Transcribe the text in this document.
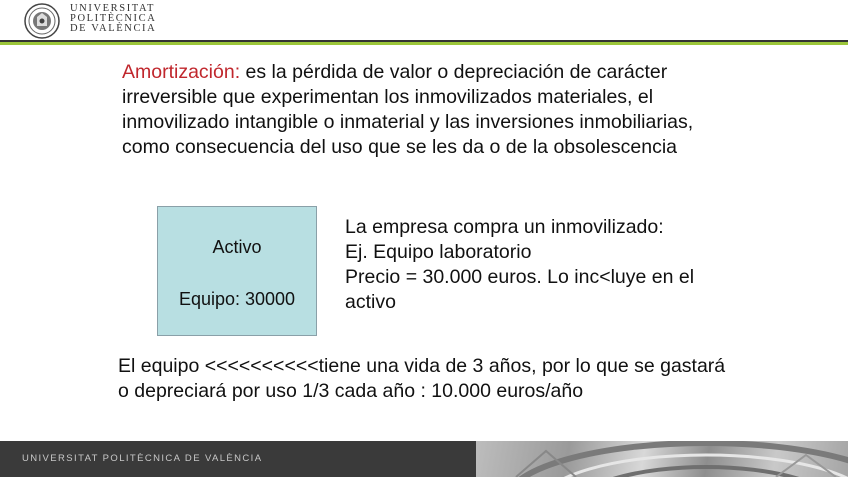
UNIVERSITAT
POLITÈCNICA
DE VALÈNCIA
Amortización: es la pérdida de valor o depreciación de carácter irreversible que experimentan los inmovilizados materiales, el inmovilizado intangible o inmaterial y las inversiones inmobiliarias, como consecuencia del uso que se les da o de la obsolescencia
Activo
Equipo: 30000
La empresa compra un inmovilizado:
Ej. Equipo laboratorio
Precio = 30.000 euros. Lo inc<luye en el activo
El equipo <<<<<<<<<<tiene una vida de 3 años, por lo que se gastará o depreciará por uso 1/3 cada año : 10.000 euros/año
UNIVERSITAT POLITÈCNICA DE VALÈNCIA
